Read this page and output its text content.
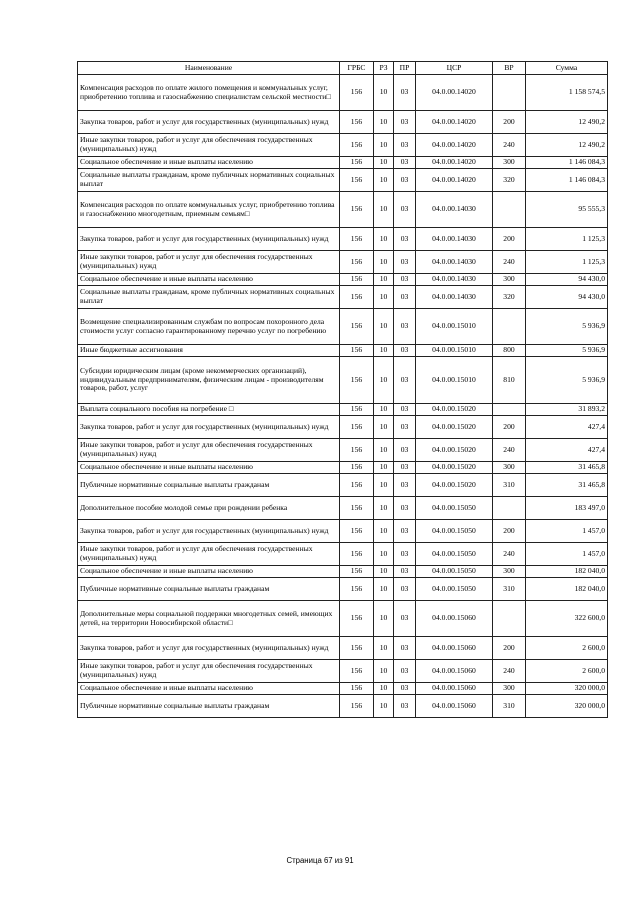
Наименование	ГРБС	РЗ	ПР	ЦСР	ВР	Сумма
Компенсация расходов по оплате жилого помещения и коммунальных услуг, приобретению топлива и газоснабжению специалистам сельской местности□	156	10	03	04.0.00.14020		1 158 574,5
Закупка товаров, работ и услуг для государственных (муниципальных) нужд	156	10	03	04.0.00.14020	200	12 490,2
Иные закупки товаров, работ и услуг для обеспечения государственных (муниципальных) нужд	156	10	03	04.0.00.14020	240	12 490,2
Социальное обеспечение и иные выплаты населению	156	10	03	04.0.00.14020	300	1 146 084,3
Социальные выплаты гражданам, кроме публичных нормативных социальных выплат	156	10	03	04.0.00.14020	320	1 146 084,3
Компенсация расходов по оплате коммунальных услуг, приобретению топлива и газоснабжению многодетным, приемным семьям□	156	10	03	04.0.00.14030		95 555,3
Закупка товаров, работ и услуг для государственных (муниципальных) нужд	156	10	03	04.0.00.14030	200	1 125,3
Иные закупки товаров, работ и услуг для обеспечения государственных (муниципальных) нужд	156	10	03	04.0.00.14030	240	1 125,3
Социальное обеспечение и иные выплаты населению	156	10	03	04.0.00.14030	300	94 430,0
Социальные выплаты гражданам, кроме публичных нормативных социальных выплат	156	10	03	04.0.00.14030	320	94 430,0
Возмещение специализированным службам по вопросам похоронного дела стоимости услуг согласно гарантированному перечню услуг по погребению	156	10	03	04.0.00.15010		5 936,9
Иные бюджетные ассигнования	156	10	03	04.0.00.15010	800	5 936,9
Субсидии юридическим лицам (кроме некоммерческих организаций), индивидуальным предпринимателям, физическим лицам - производителям товаров, работ, услуг	156	10	03	04.0.00.15010	810	5 936,9
Выплата социального пособия на погребение □	156	10	03	04.0.00.15020		31 893,2
Закупка товаров, работ и услуг для государственных (муниципальных) нужд	156	10	03	04.0.00.15020	200	427,4
Иные закупки товаров, работ и услуг для обеспечения государственных (муниципальных) нужд	156	10	03	04.0.00.15020	240	427,4
Социальное обеспечение и иные выплаты населению	156	10	03	04.0.00.15020	300	31 465,8
Публичные нормативные социальные выплаты гражданам	156	10	03	04.0.00.15020	310	31 465,8
Дополнительное пособие молодой семье при рождении ребенка	156	10	03	04.0.00.15050		183 497,0
Закупка товаров, работ и услуг для государственных (муниципальных) нужд	156	10	03	04.0.00.15050	200	1 457,0
Иные закупки товаров, работ и услуг для обеспечения государственных (муниципальных) нужд	156	10	03	04.0.00.15050	240	1 457,0
Социальное обеспечение и иные выплаты населению	156	10	03	04.0.00.15050	300	182 040,0
Публичные нормативные социальные выплаты гражданам	156	10	03	04.0.00.15050	310	182 040,0
Дополнительные меры социальной поддержки многодетных семей, имеющих детей, на территории Новосибирской области□	156	10	03	04.0.00.15060		322 600,0
Закупка товаров, работ и услуг для государственных (муниципальных) нужд	156	10	03	04.0.00.15060	200	2 600,0
Иные закупки товаров, работ и услуг для обеспечения государственных (муниципальных) нужд	156	10	03	04.0.00.15060	240	2 600,0
Социальное обеспечение и иные выплаты населению	156	10	03	04.0.00.15060	300	320 000,0
Публичные нормативные социальные выплаты гражданам	156	10	03	04.0.00.15060	310	320 000,0
Страница 67 из 91
